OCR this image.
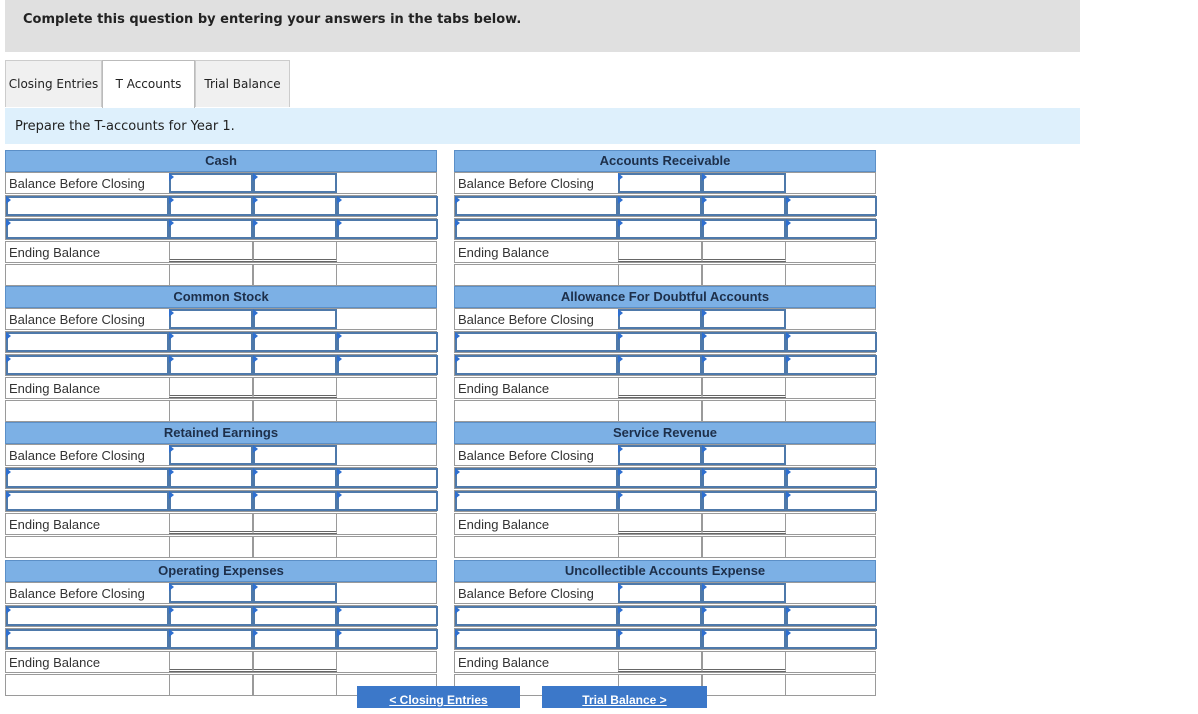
Complete this question by entering your answers in the tabs below.
Closing Entries	T Accounts	Trial Balance
Prepare the T-accounts for Year 1.
Cash
Balance Before Closing
Ending Balance
Accounts Receivable
Balance Before Closing
Ending Balance
Common Stock
Balance Before Closing
Ending Balance
Allowance For Doubtful Accounts
Balance Before Closing
Ending Balance
Retained Earnings
Balance Before Closing
Ending Balance
Service Revenue
Balance Before Closing
Ending Balance
Operating Expenses
Balance Before Closing
Ending Balance
Uncollectible Accounts Expense
Balance Before Closing
Ending Balance
< Closing Entries	Trial Balance >
